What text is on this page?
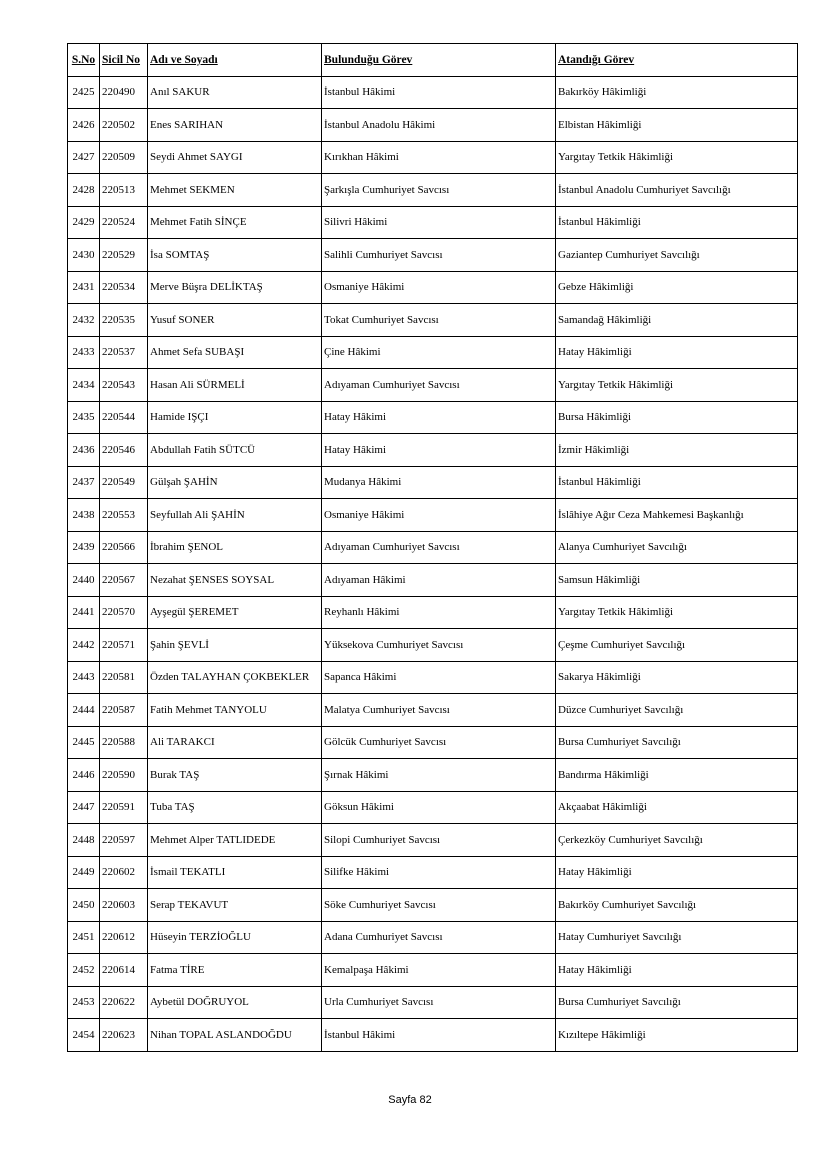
S.No	Sicil No	Adı ve Soyadı	Bulunduğu Görev	Atandığı Görev
2425	220490	Anıl SAKUR	İstanbul Hâkimi	Bakırköy Hâkimliği
2426	220502	Enes SARIHAN	İstanbul Anadolu Hâkimi	Elbistan Hâkimliği
2427	220509	Seydi Ahmet SAYGI	Kırıkhan Hâkimi	Yargıtay Tetkik Hâkimliği
2428	220513	Mehmet SEKMEN	Şarkışla Cumhuriyet Savcısı	İstanbul Anadolu Cumhuriyet Savcılığı
2429	220524	Mehmet Fatih SİNÇE	Silivri Hâkimi	İstanbul Hâkimliği
2430	220529	İsa SOMTAŞ	Salihli Cumhuriyet Savcısı	Gaziantep Cumhuriyet Savcılığı
2431	220534	Merve Büşra DELİKTAŞ	Osmaniye Hâkimi	Gebze Hâkimliği
2432	220535	Yusuf SONER	Tokat Cumhuriyet Savcısı	Samandağ Hâkimliği
2433	220537	Ahmet Sefa SUBAŞI	Çine Hâkimi	Hatay Hâkimliği
2434	220543	Hasan Ali SÜRMELİ	Adıyaman Cumhuriyet Savcısı	Yargıtay Tetkik Hâkimliği
2435	220544	Hamide IŞÇI	Hatay Hâkimi	Bursa Hâkimliği
2436	220546	Abdullah Fatih SÜTCÜ	Hatay Hâkimi	İzmir Hâkimliği
2437	220549	Gülşah ŞAHİN	Mudanya Hâkimi	İstanbul Hâkimliği
2438	220553	Seyfullah Ali ŞAHİN	Osmaniye Hâkimi	İslâhiye Ağır Ceza Mahkemesi Başkanlığı
2439	220566	İbrahim ŞENOL	Adıyaman Cumhuriyet Savcısı	Alanya Cumhuriyet Savcılığı
2440	220567	Nezahat ŞENSES SOYSAL	Adıyaman Hâkimi	Samsun Hâkimliği
2441	220570	Ayşegül ŞEREMET	Reyhanlı Hâkimi	Yargıtay Tetkik Hâkimliği
2442	220571	Şahin ŞEVLİ	Yüksekova Cumhuriyet Savcısı	Çeşme Cumhuriyet Savcılığı
2443	220581	Özden TALAYHAN ÇOKBEKLER	Sapanca Hâkimi	Sakarya Hâkimliği
2444	220587	Fatih Mehmet TANYOLU	Malatya Cumhuriyet Savcısı	Düzce Cumhuriyet Savcılığı
2445	220588	Ali TARAKCI	Gölcük Cumhuriyet Savcısı	Bursa Cumhuriyet Savcılığı
2446	220590	Burak TAŞ	Şırnak Hâkimi	Bandırma Hâkimliği
2447	220591	Tuba TAŞ	Göksun Hâkimi	Akçaabat Hâkimliği
2448	220597	Mehmet Alper TATLIDEDE	Silopi Cumhuriyet Savcısı	Çerkezköy Cumhuriyet Savcılığı
2449	220602	İsmail TEKATLI	Silifke Hâkimi	Hatay Hâkimliği
2450	220603	Serap TEKAVUT	Söke Cumhuriyet Savcısı	Bakırköy Cumhuriyet Savcılığı
2451	220612	Hüseyin TERZİOĞLU	Adana Cumhuriyet Savcısı	Hatay Cumhuriyet Savcılığı
2452	220614	Fatma TİRE	Kemalpaşa Hâkimi	Hatay Hâkimliği
2453	220622	Aybetül DOĞRUYOL	Urla Cumhuriyet Savcısı	Bursa Cumhuriyet Savcılığı
2454	220623	Nihan TOPAL ASLANDOĞDU	İstanbul Hâkimi	Kızıltepe Hâkimliği
Sayfa 82
